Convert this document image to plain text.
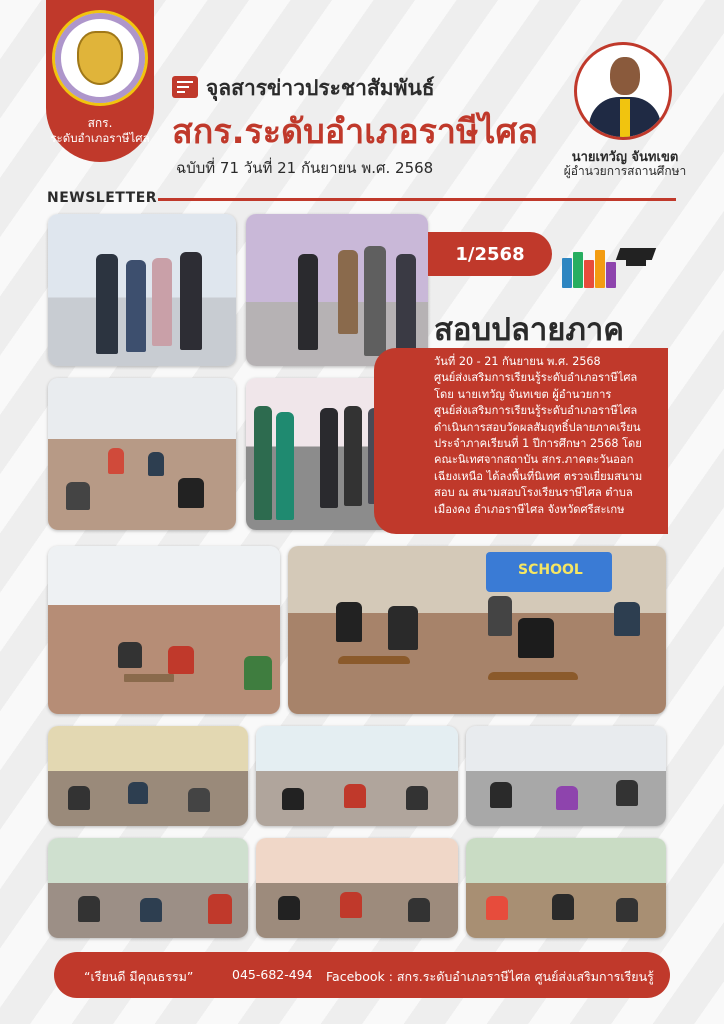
สกร.
ระดับอำเภอราษีไศล
จุลสารข่าวประชาสัมพันธ์
สกร.ระดับอำเภอราษีไศล
ฉบับที่ 71 วันที่ 21 กันยายน พ.ศ. 2568
นายเทวัญ จันทเขต
ผู้อำนวยการสถานศึกษา
NEWSLETTER
1/2568
สอบปลายภาค

วันที่ 20 - 21 กันยายน พ.ศ. 2568

ศูนย์ส่งเสริมการเรียนรู้ระดับอำเภอราษีไศล

โดย นายเทวัญ จันทเขต ผู้อำนวยการ

ศูนย์ส่งเสริมการเรียนรู้ระดับอำเภอราษีไศล

ดำเนินการสอบวัดผลสัมฤทธิ์ปลายภาคเรียน

ประจำภาคเรียนที่ 1 ปีการศึกษา 2568 โดย

คณะนิเทศจากสถาบัน สกร.ภาคตะวันออก

เฉียงเหนือ ได้ลงพื้นที่นิเทศ ตรวจเยี่ยมสนาม

สอบ ณ สนามสอบโรงเรียนราษีไศล ตำบล

เมืองคง อำเภอราษีไศล จังหวัดศรีสะเกษ

SCHOOL
“เรียนดี มีคุณธรรม”	045-682-494 Facebook : สกร.ระดับอำเภอราษีไศล ศูนย์ส่งเสริมการเรียนรู้
